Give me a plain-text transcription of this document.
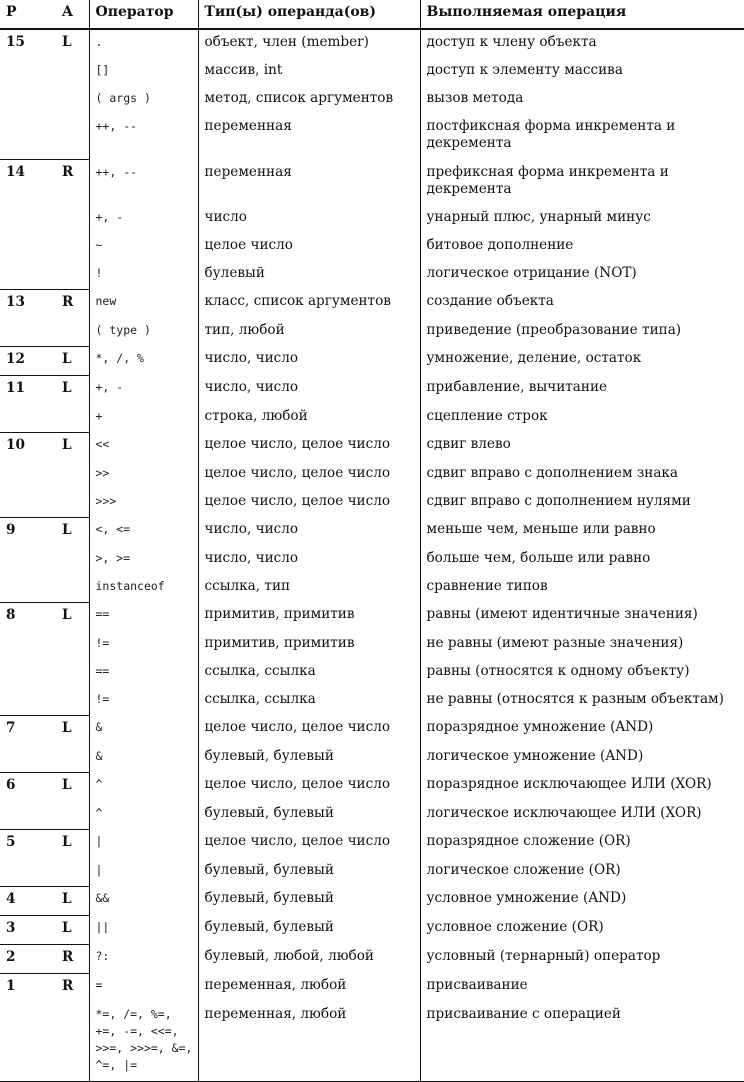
P	A	Оператор	Тип(ы) операнда(ов)	Выполняемая операция
15	L	.	объект, член (member)	доступ к члену объекта
		[]	массив, int	доступ к элементу массива
		( args )	метод, список аргументов	вызов метода
		++, --	переменная	постфиксная форма инкремента и декремента
14	R	++, --	переменная	префиксная форма инкремента и декремента
		+, -	число	унарный плюс, унарный минус
		~	целое число	битовое дополнение
		!	булевый	логическое отрицание (NOT)
13	R	new	класс, список аргументов	создание объекта
		( type )	тип, любой	приведение (преобразование типа)
12	L	*, /, %	число, число	умножение, деление, остаток
11	L	+, -	число, число	прибавление, вычитание
		+	строка, любой	сцепление строк
10	L	<<	целое число, целое число	сдвиг влево
		>>	целое число, целое число	сдвиг вправо с дополнением знака
		>>>	целое число, целое число	сдвиг вправо с дополнением нулями
9	L	<, <=	число, число	меньше чем, меньше или равно
		>, >=	число, число	больше чем, больше или равно
		instanceof	ссылка, тип	сравнение типов
8	L	==	примитив, примитив	равны (имеют идентичные значения)
		!=	примитив, примитив	не равны (имеют разные значения)
		==	ссылка, ссылка	равны (относятся к одному объекту)
		!=	ссылка, ссылка	не равны (относятся к разным объектам)
7	L	&	целое число, целое число	поразрядное умножение (AND)
		&	булевый, булевый	логическое умножение (AND)
6	L	^	целое число, целое число	поразрядное исключающее ИЛИ (XOR)
		^	булевый, булевый	логическое исключающее ИЛИ (XOR)
5	L	|	целое число, целое число	поразрядное сложение (OR)
		|	булевый, булевый	логическое сложение (OR)
4	L	&&	булевый, булевый	условное умножение (AND)
3	L	||	булевый, булевый	условное сложение (OR)
2	R	?:	булевый, любой, любой	условный (тернарный) оператор
1	R	=	переменная, любой	присваивание
		*=, /=, %=, +=, -=, <<=, >>=, >>>=, &=, ^=, |=	переменная, любой	присваивание с операцией
